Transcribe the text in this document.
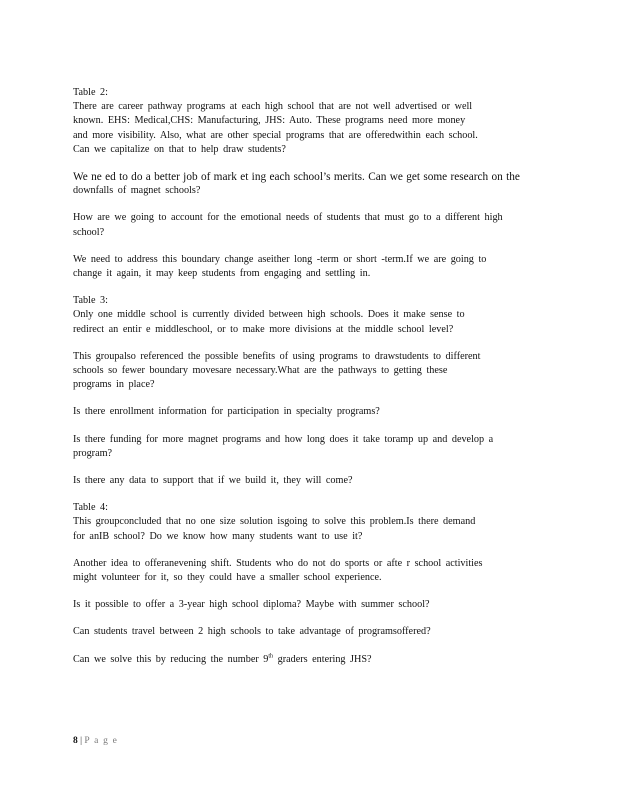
Table 2:
There are career pathway programs at each high school that are not well advertised or well
known. EHS: Medical,CHS: Manufacturing, JHS: Auto. These programs need more money
and more visibility. Also, what are other special programs that are offeredwithin each school.
Can we capitalize on that to help draw students?

We ne ed to do a better job of mark et ing each school’s merits. Can we get some research on the
downfalls of magnet schools?

How are we going to account for the emotional needs of students that must go to a different high
school?

We need to address this boundary change aseither long -term or short -term.If we are going to
change it again, it may keep students from engaging and settling in.

Table 3:
Only one middle school is currently divided between high schools. Does it make sense to
redirect an entir e middleschool, or to make more divisions at the middle school level?

This groupalso referenced the possible benefits of using programs to drawstudents to different
schools so fewer boundary movesare necessary.What are the pathways to getting these
programs in place?

Is there enrollment information for participation in specialty programs?

Is there funding for more magnet programs and how long does it take toramp up and develop a
program?

Is there any data to support that if we build it, they will come?

Table 4:
This groupconcluded that no one size solution isgoing to solve this problem.Is there demand
for anIB school? Do we know how many students want to use it?

Another idea to offeranevening shift. Students who do not do sports or afte r school activities
might volunteer for it, so they could have a smaller school experience.

Is it possible to offer a 3-year high school diploma? Maybe with summer school?

Can students travel between 2 high schools to take advantage of programsoffered?

Can we solve this by reducing the number 9th graders entering JHS?

8 | P a g e
